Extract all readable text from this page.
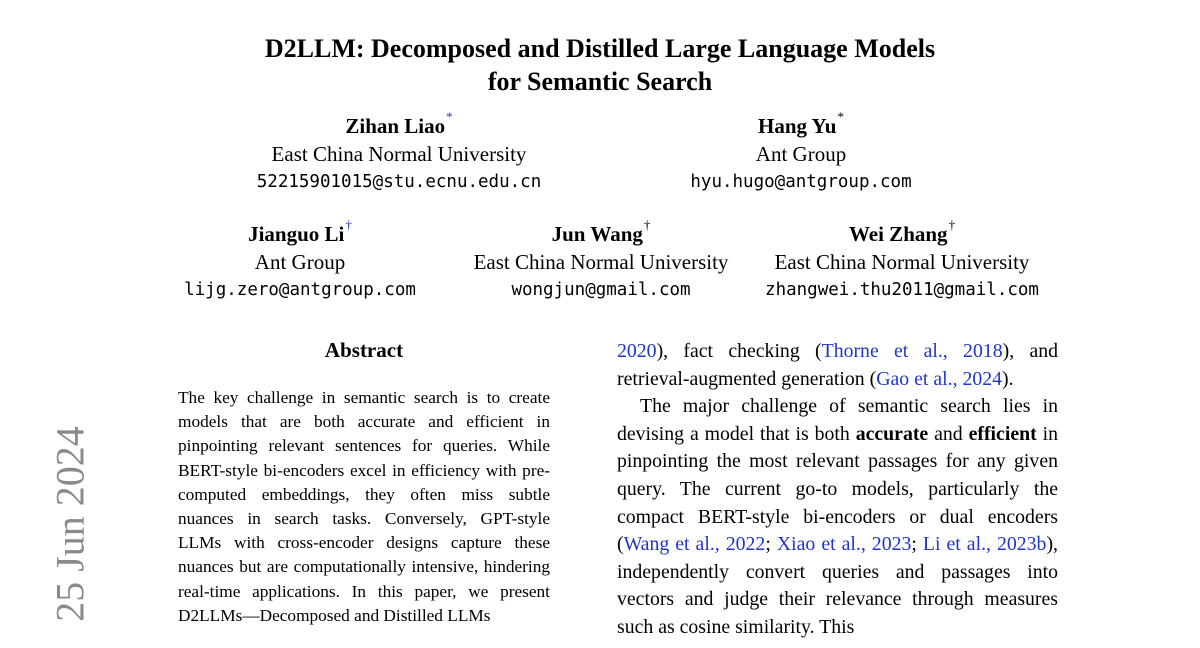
D2LLM: Decomposed and Distilled Large Language Models
for Semantic Search
Zihan Liao*
East China Normal University
52215901015@stu.ecnu.edu.cn
Hang Yu*
Ant Group
hyu.hugo@antgroup.com
Jianguo Li†
Ant Group
lijg.zero@antgroup.com
Jun Wang†
East China Normal University
wongjun@gmail.com
Wei Zhang†
East China Normal University
zhangwei.thu2011@gmail.com
25 Jun 2024
Abstract
The key challenge in semantic search is to create models that are both accurate and efficient in pinpointing relevant sentences for queries. While BERT-style bi-encoders excel in efficiency with pre-computed embeddings, they often miss subtle nuances in search tasks. Conversely, GPT-style LLMs with cross-encoder designs capture these nuances but are computationally intensive, hindering real-time applications. In this paper, we present D2LLMs—Decomposed and Distilled LLMs

2020), fact checking (Thorne et al., 2018), and retrieval-augmented generation (Gao et al., 2024).

The major challenge of semantic search lies in devising a model that is both accurate and efficient in pinpointing the most relevant passages for any given query. The current go-to models, particularly the compact BERT-style bi-encoders or dual encoders (Wang et al., 2022; Xiao et al., 2023; Li et al., 2023b), independently convert queries and passages into vectors and judge their relevance through measures such as cosine similarity. This
